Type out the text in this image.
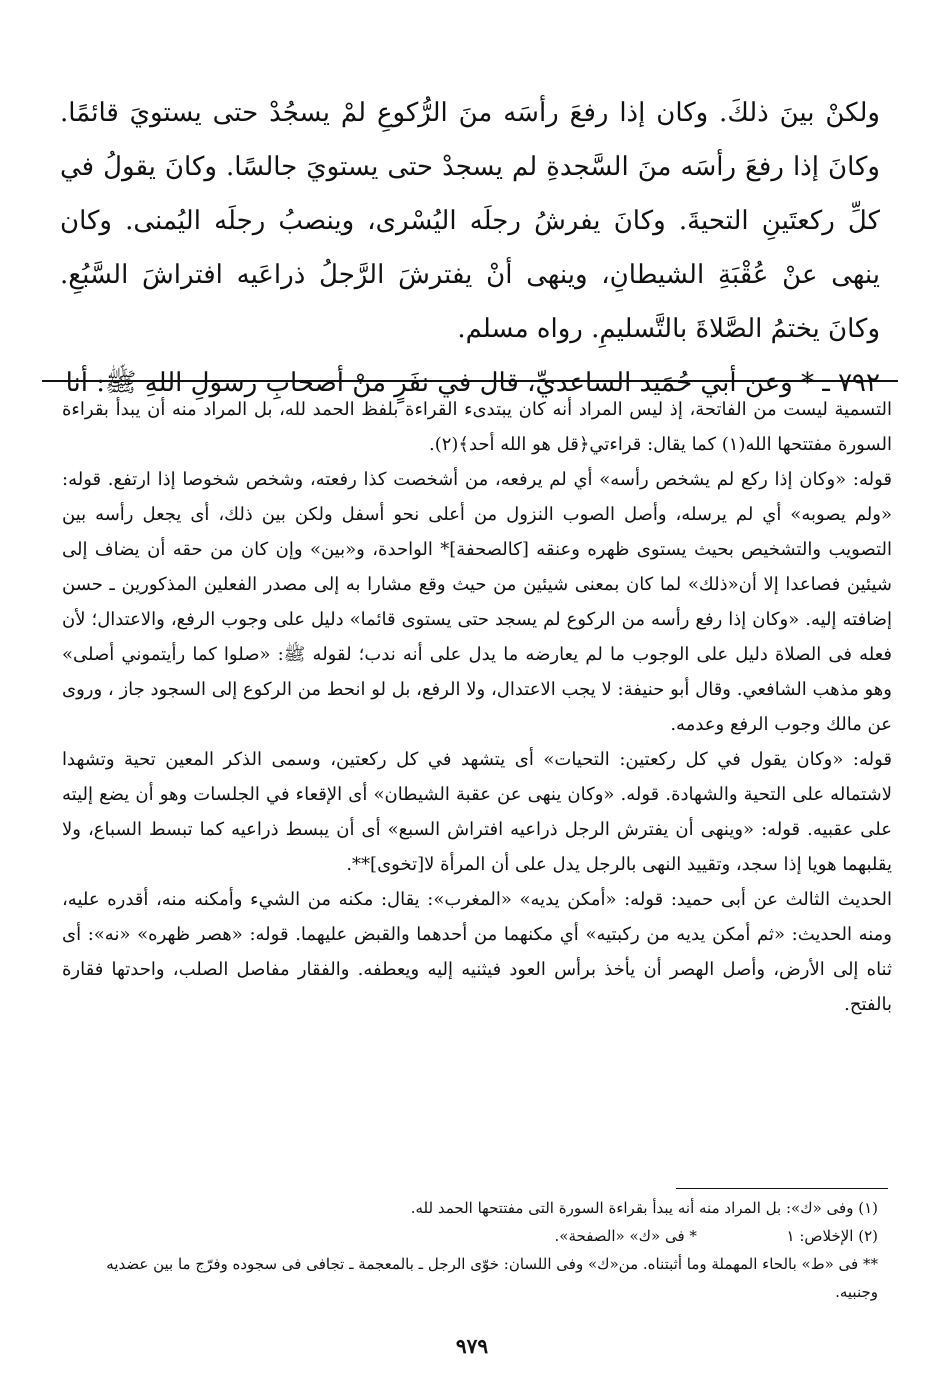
ولكنْ بينَ ذلكَ. وكان إذا رفعَ رأسَه منَ الرُّكوعِ لمْ يسجُدْ حتى يستويَ قائمًا. وكانَ إذا رفعَ رأسَه منَ السَّجدةِ لم يسجدْ حتى يستويَ جالسًا. وكانَ يقولُ في كلِّ ركعتَينِ التحيةَ. وكانَ يفرشُ رجلَه اليُسْرى، وينصبُ رجلَه اليُمنى. وكان ينهى عنْ عُقْبَةِ الشيطانِ، وينهى أنْ يفترشَ الرَّجلُ ذراعَيه افتراشَ السَّبُعِ. وكانَ يختمُ الصَّلاةَ بالتَّسليمِ. رواه مسلم.

٧٩٢ ـ * وعن أبي حُمَيد الساعديِّ، قال في نفَرٍ منْ أصحابِ رسولِ اللهِ ﷺ: أنا

التسمية ليست من الفاتحة، إذ ليس المراد أنه كان يبتدىء القراءة بلفظ الحمد لله، بل المراد منه أن يبدأ بقراءة السورة مفتتحها الله(١) كما يقال: قراءتي﴿قل هو الله أحد﴾(٢).

قوله: «وكان إذا ركع لم يشخص رأسه» أي لم يرفعه، من أشخصت كذا رفعته، وشخص شخوصا إذا ارتفع. قوله: «ولم يصوبه» أي لم يرسله، وأصل الصوب النزول من أعلى نحو أسفل ولكن بين ذلك، أى يجعل رأسه بين التصويب والتشخيص بحيث يستوى ظهره وعنقه [كالصحفة]* الواحدة، و«بين» وإن كان من حقه أن يضاف إلى شيئين فصاعدا إلا أن«ذلك» لما كان بمعنى شيئين من حيث وقع مشارا به إلى مصدر الفعلين المذكورين ـ حسن إضافته إليه. «وكان إذا رفع رأسه من الركوع لم يسجد حتى يستوى قائما» دليل على وجوب الرفع، والاعتدال؛ لأن فعله فى الصلاة دليل على الوجوب ما لم يعارضه ما يدل على أنه ندب؛ لقوله ﷺ: «صلوا كما رأيتموني أصلى» وهو مذهب الشافعي. وقال أبو حنيفة: لا يجب الاعتدال، ولا الرفع، بل لو انحط من الركوع إلى السجود جاز ، وروى عن مالك وجوب الرفع وعدمه.

قوله: «وكان يقول في كل ركعتين: التحيات» أى يتشهد في كل ركعتين، وسمى الذكر المعين تحية وتشهدا لاشتماله على التحية والشهادة. قوله. «وكان ينهى عن عقبة الشيطان» أى الإقعاء في الجلسات وهو أن يضع إليته على عقبيه. قوله: «وينهى أن يفترش الرجل ذراعيه افتراش السبع» أى أن يبسط ذراعيه كما تبسط السباع، ولا يقلبهما هويا إذا سجد، وتقييد النهى بالرجل يدل على أن المرأة لا[تخوى]**.

الحديث الثالث عن أبى حميد: قوله: «أمكن يديه» «المغرب»: يقال: مكنه من الشيء وأمكنه منه، أقدره عليه، ومنه الحديث: «ثم أمكن يديه من ركبتيه» أي مكنهما من أحدهما والقبض عليهما. قوله: «هصر ظهره» «نه»: أى ثناه إلى الأرض، وأصل الهصر أن يأخذ برأس العود فيثنيه إليه ويعطفه. والفقار مفاصل الصلب، واحدتها فقارة بالفتح.

(١) وفى «ك»: بل المراد منه أنه يبدأ بقراءة السورة التى مفتتحها الحمد لله.

(٢) الإخلاص: ١  * فى «ك» «الصفحة».

** فى «ط» بالحاء المهملة وما أثبتناه. من«ك» وفى اللسان: خوّى الرجل ـ بالمعجمة ـ تجافى فى سجوده وفرّج ما بين عضديه وجنبيه.

٩٧٩
